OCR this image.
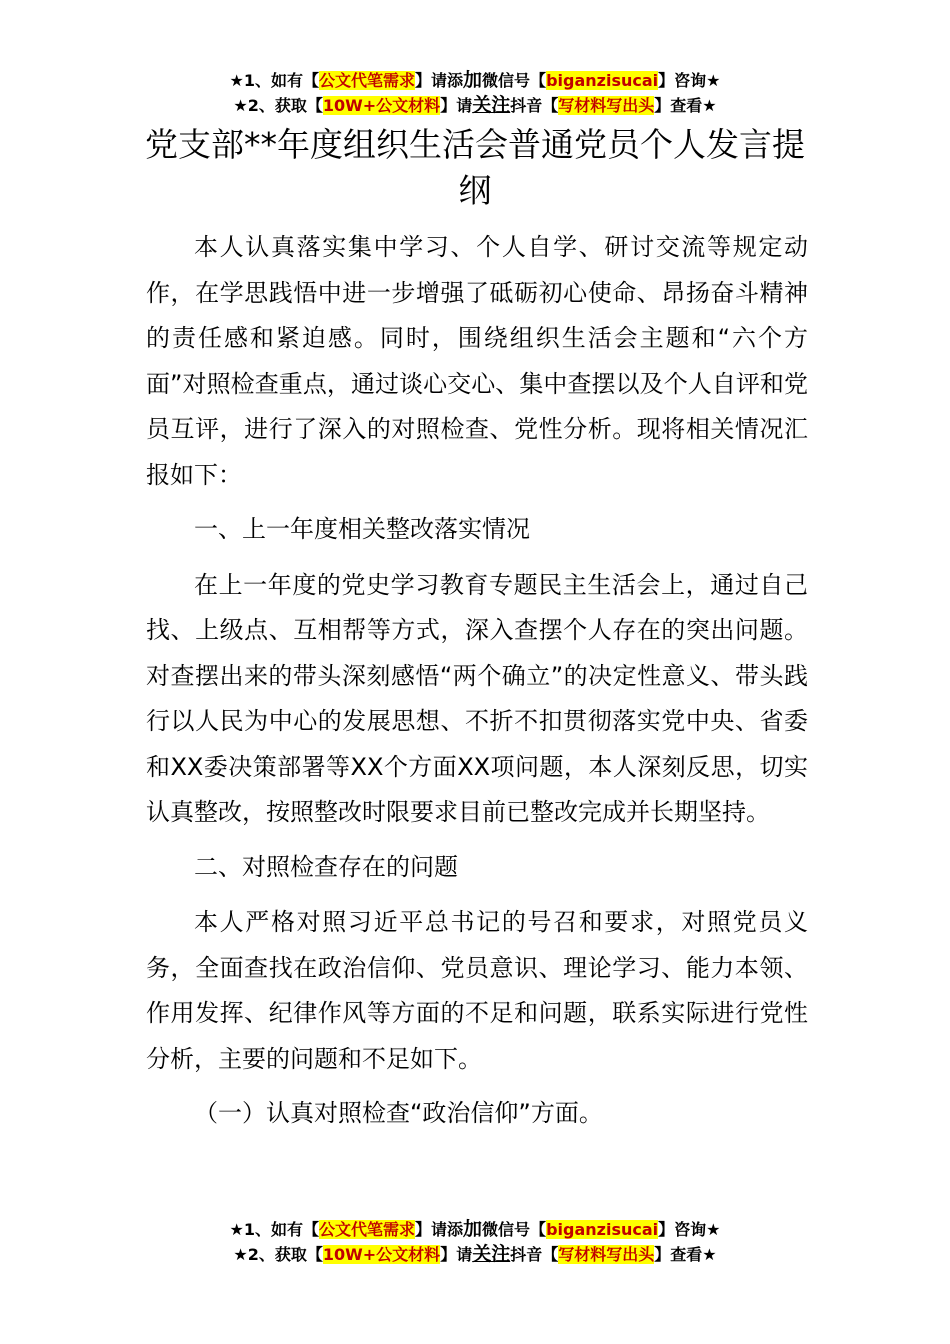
★1、如有【公文代笔需求】请添加微信号【biganzisucai】咨询★
★2、获取【10W+公文材料】请关注抖音【写材料写出头】查看★
党支部**年度组织生活会普通党员个人发言提纲

本人认真落实集中学习、个人自学、研讨交流等规定动作，在学思践悟中进一步增强了砥砺初心使命、昂扬奋斗精神的责任感和紧迫感。同时，围绕组织生活会主题和“六个方面”对照检查重点，通过谈心交心、集中查摆以及个人自评和党员互评，进行了深入的对照检查、党性分析。现将相关情况汇报如下：

一、上一年度相关整改落实情况

在上一年度的党史学习教育专题民主生活会上，通过自己找、上级点、互相帮等方式，深入查摆个人存在的突出问题。对查摆出来的带头深刻感悟“两个确立”的决定性意义、带头践行以人民为中心的发展思想、不折不扣贯彻落实党中央、省委和XX委决策部署等XX个方面XX项问题，本人深刻反思，切实认真整改，按照整改时限要求目前已整改完成并长期坚持。

二、对照检查存在的问题

本人严格对照习近平总书记的号召和要求，对照党员义务，全面查找在政治信仰、党员意识、理论学习、能力本领、作用发挥、纪律作风等方面的不足和问题，联系实际进行党性分析，主要的问题和不足如下。

（一）认真对照检查“政治信仰”方面。

★1、如有【公文代笔需求】请添加微信号【biganzisucai】咨询★
★2、获取【10W+公文材料】请关注抖音【写材料写出头】查看★
